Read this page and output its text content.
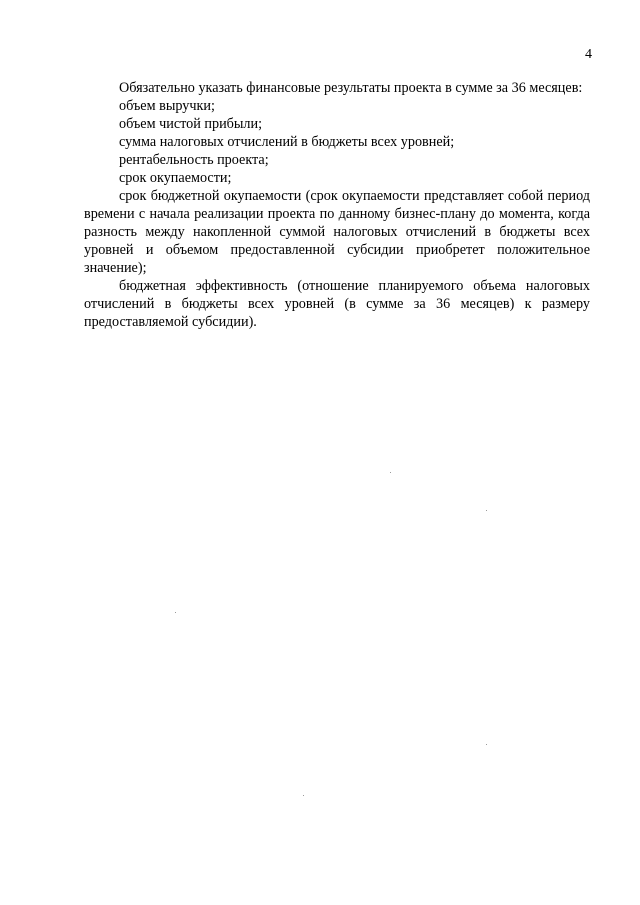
4

Обязательно указать финансовые результаты проекта в сумме за 36 месяцев:

объем выручки;

объем чистой прибыли;

сумма налоговых отчислений в бюджеты всех уровней;

рентабельность проекта;

срок окупаемости;

срок бюджетной окупаемости (срок окупаемости представляет собой период времени с начала реализации проекта по данному бизнес-плану до момента, когда разность между накопленной суммой налоговых отчислений в бюджеты всех уровней и объемом предоставленной субсидии приобретет положительное значение);

бюджетная эффективность (отношение планируемого объема налоговых отчислений в бюджеты всех уровней (в сумме за 36 месяцев) к размеру предоставляемой субсидии).
